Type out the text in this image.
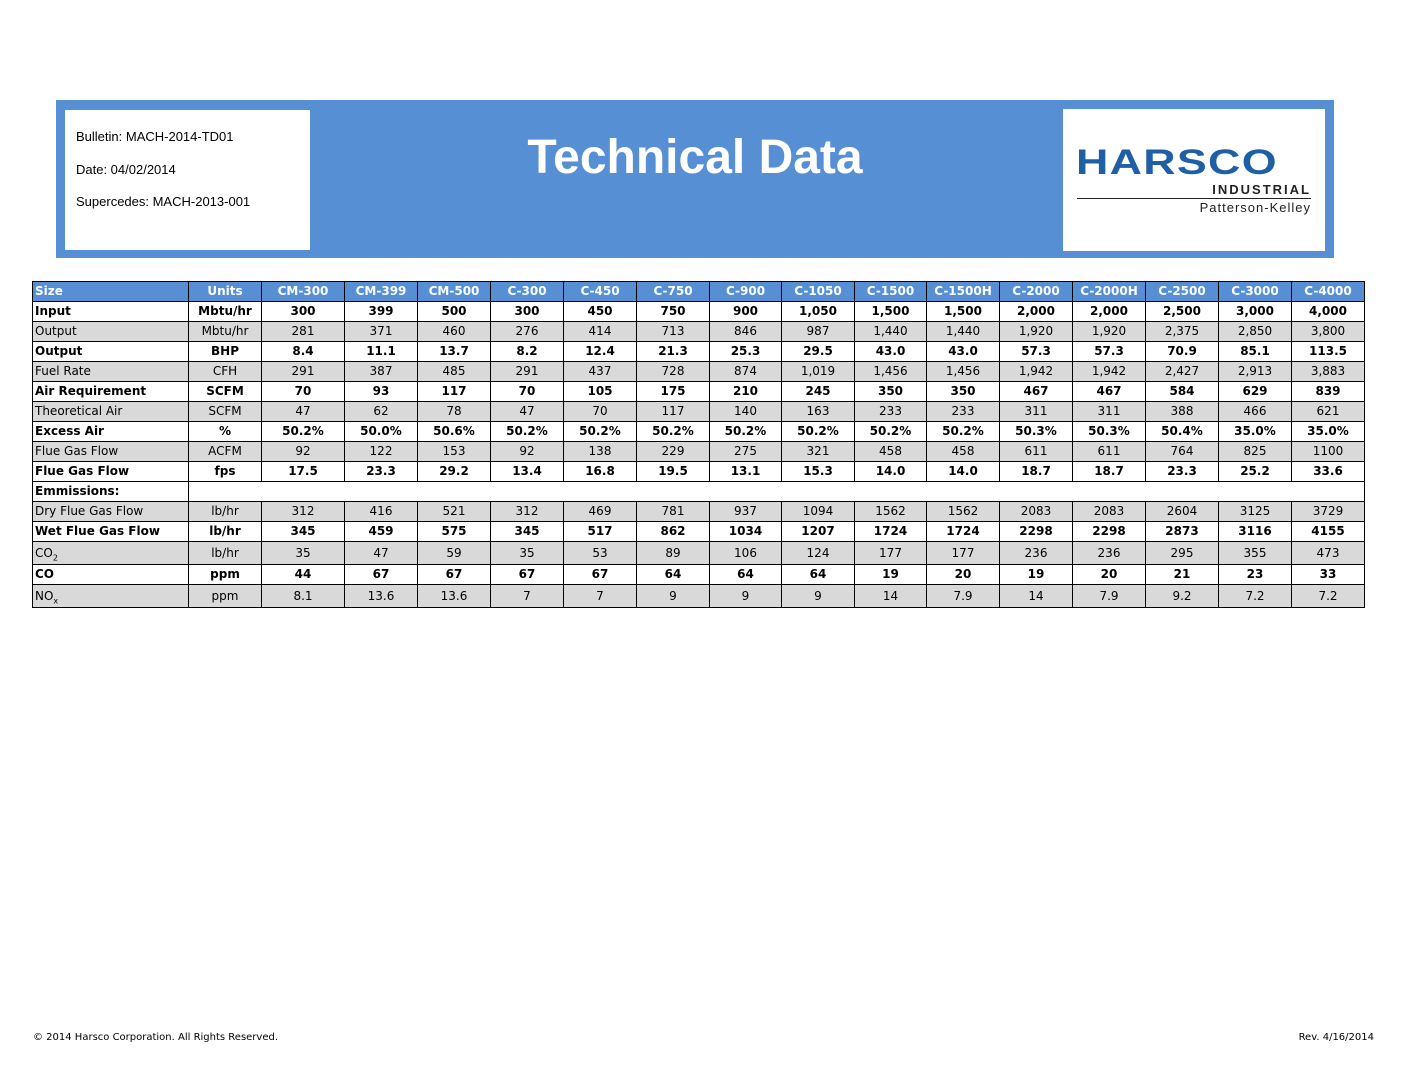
Bulletin: MACH-2014-TD01
Date: 04/02/2014
Supercedes: MACH-2013-001
Technical Data	HARSCO
INDUSTRIAL
Patterson-Kelley
Size	Units	CM-300	CM-399	CM-500	C-300	C-450	C-750	C-900	C-1050	C-1500	C-1500H	C-2000	C-2000H	C-2500	C-3000	C-4000
Input	Mbtu/hr	300	399	500	300	450	750	900	1,050	1,500	1,500	2,000	2,000	2,500	3,000	4,000
Output	Mbtu/hr	281	371	460	276	414	713	846	987	1,440	1,440	1,920	1,920	2,375	2,850	3,800
Output	BHP	8.4	11.1	13.7	8.2	12.4	21.3	25.3	29.5	43.0	43.0	57.3	57.3	70.9	85.1	113.5
Fuel Rate	CFH	291	387	485	291	437	728	874	1,019	1,456	1,456	1,942	1,942	2,427	2,913	3,883
Air Requirement	SCFM	70	93	117	70	105	175	210	245	350	350	467	467	584	629	839
Theoretical Air	SCFM	47	62	78	47	70	117	140	163	233	233	311	311	388	466	621
Excess Air	%	50.2%	50.0%	50.6%	50.2%	50.2%	50.2%	50.2%	50.2%	50.2%	50.2%	50.3%	50.3%	50.4%	35.0%	35.0%
Flue Gas Flow	ACFM	92	122	153	92	138	229	275	321	458	458	611	611	764	825	1100
Flue Gas Flow	fps	17.5	23.3	29.2	13.4	16.8	19.5	13.1	15.3	14.0	14.0	18.7	18.7	23.3	25.2	33.6
Emmissions:																
Dry Flue Gas Flow	lb/hr	312	416	521	312	469	781	937	1094	1562	1562	2083	2083	2604	3125	3729
Wet Flue Gas Flow	lb/hr	345	459	575	345	517	862	1034	1207	1724	1724	2298	2298	2873	3116	4155
$CO_2$	lb/hr	35	47	59	35	53	89	106	124	177	177	236	236	295	355	473
CO	ppm	44	67	67	67	67	64	64	64	19	20	19	20	21	23	33
$NO_x$	ppm	8.1	13.6	13.6	7	7	9	9	9	14	7.9	14	7.9	9.2	7.2	7.2
© 2014 Harsco Corporation. All Rights Reserved.	Rev. 4/16/2014
